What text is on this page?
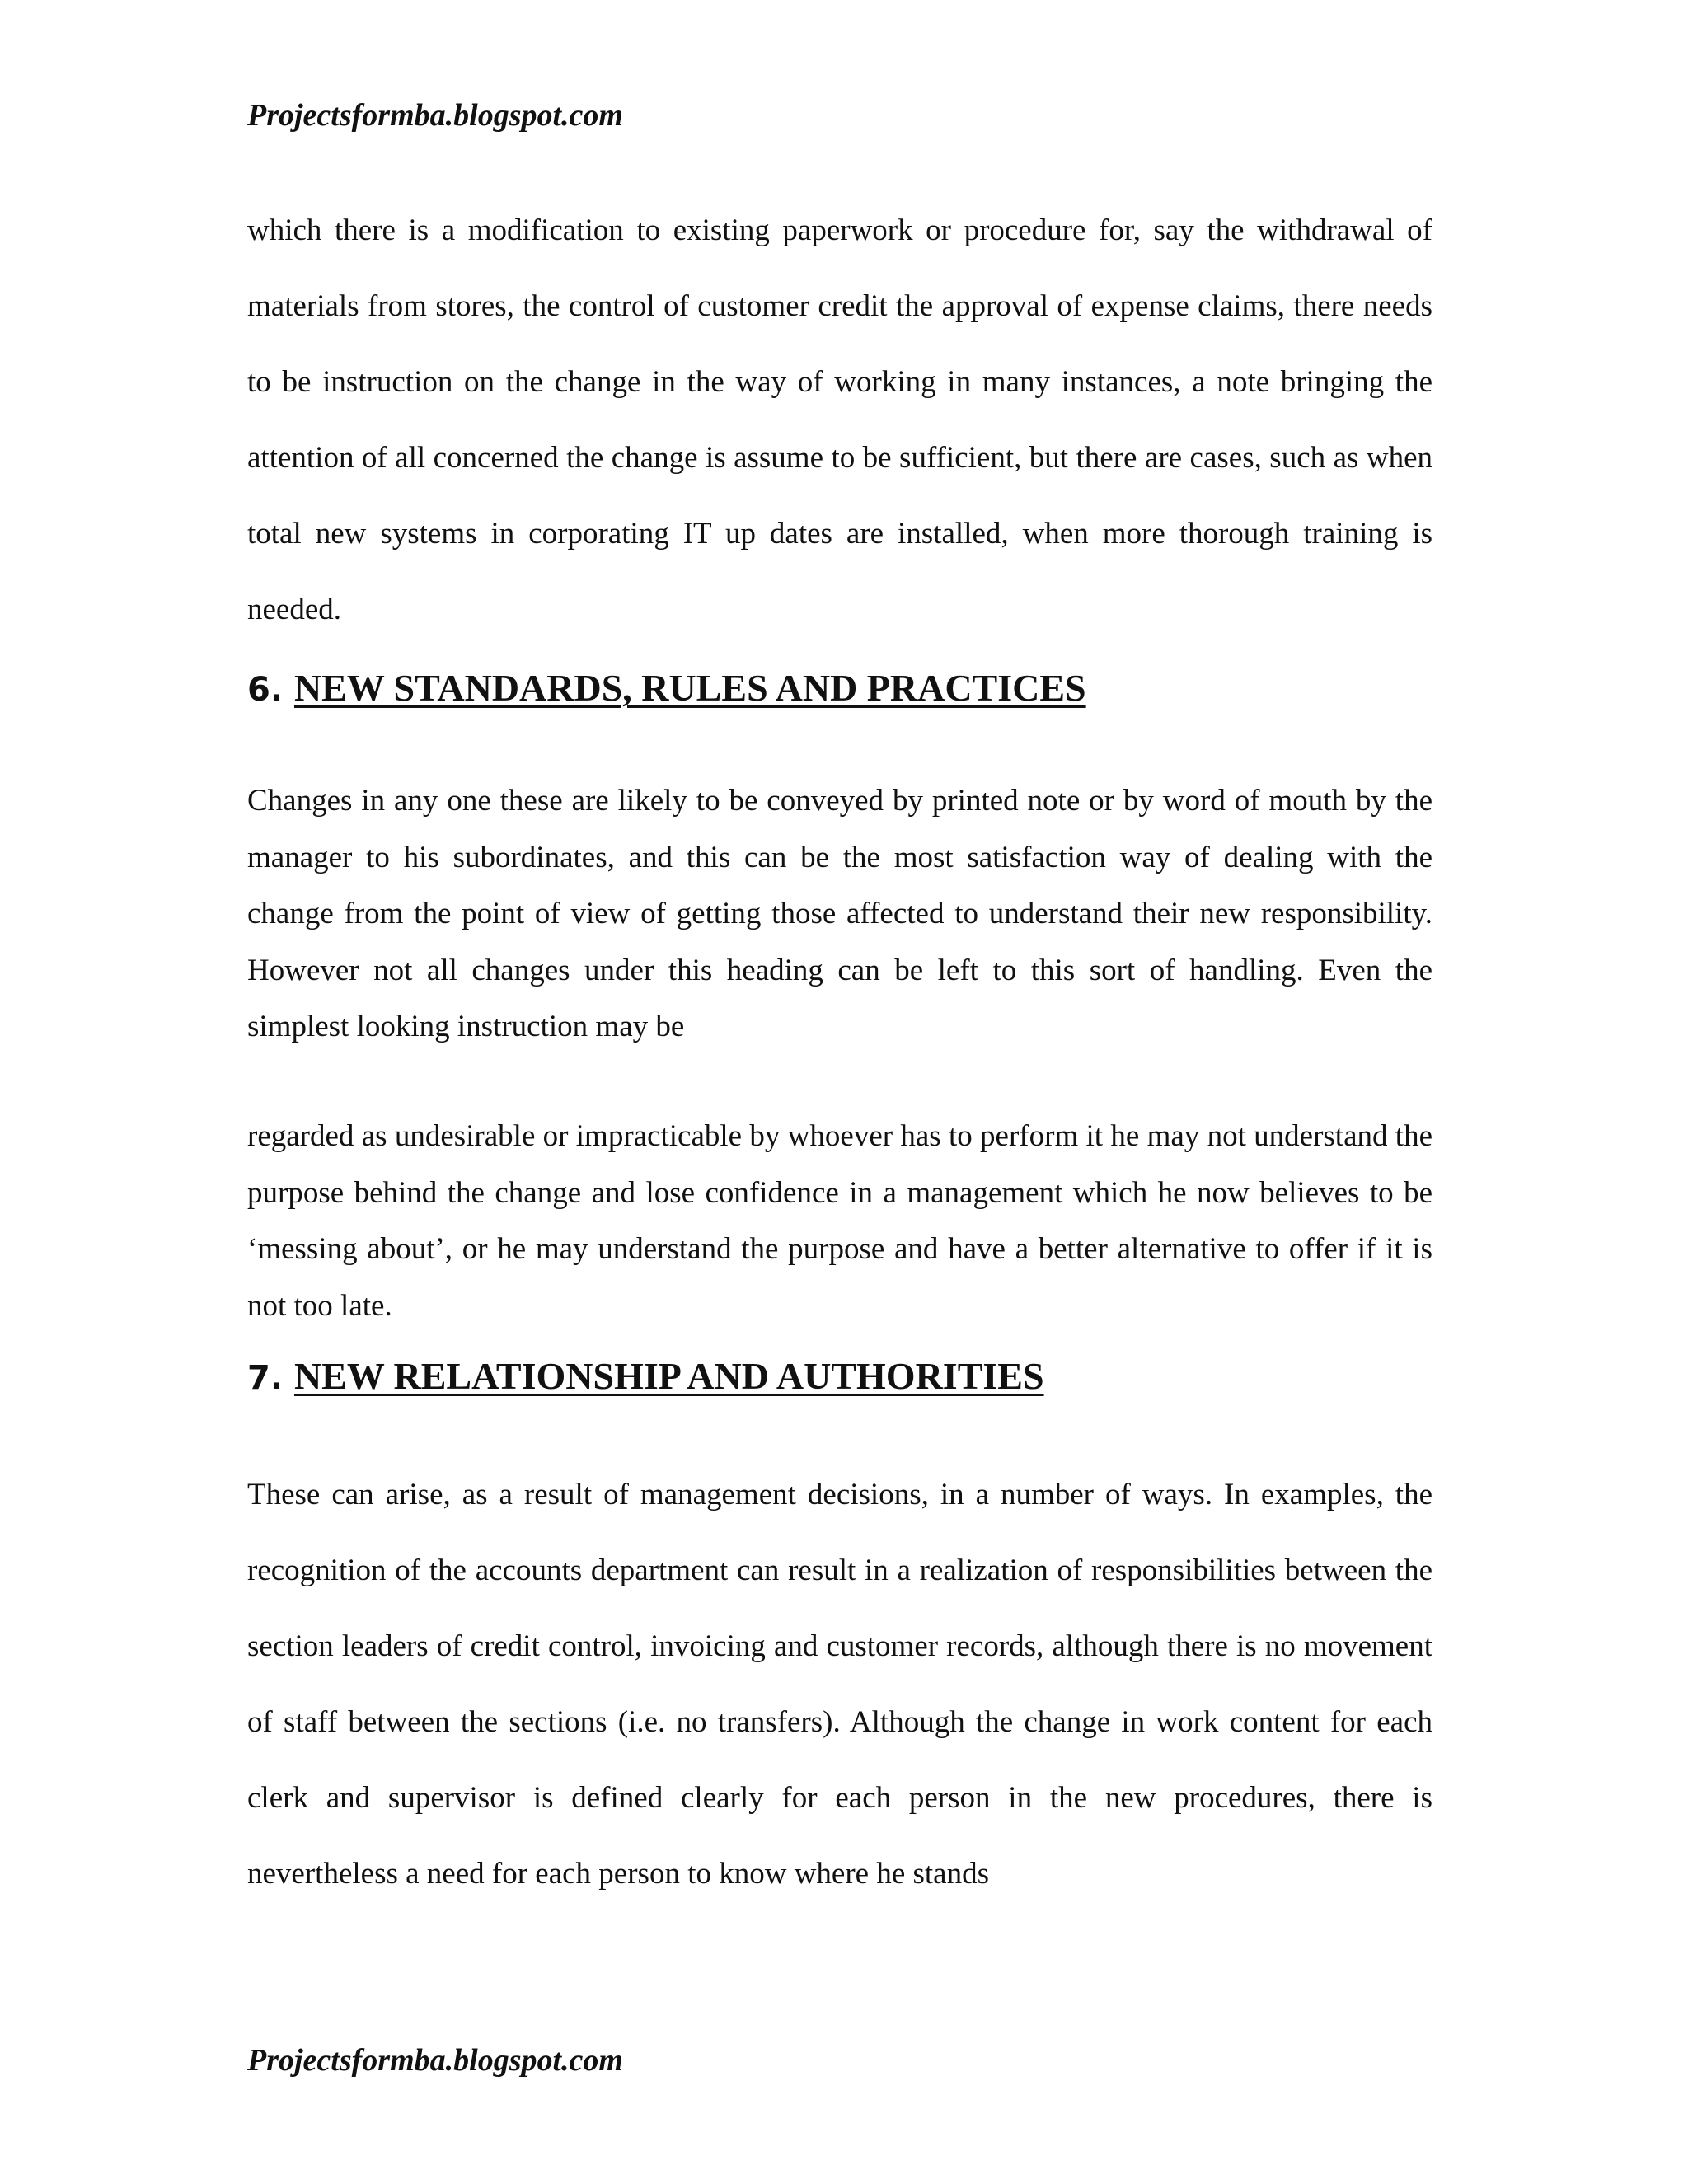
Projectsformba.blogspot.com

which there is a modification to existing paperwork or procedure for, say the withdrawal of materials from stores, the control of customer credit the approval of expense claims, there needs to be instruction on the change in the way of working in many instances, a note bringing the attention of all concerned the change is assume to be sufficient, but there are cases, such as when total new systems in corporating IT up dates are installed, when more thorough training is needed.

6. NEW STANDARDS, RULES AND PRACTICES

Changes in any one these are likely to be conveyed by printed note or by word of mouth by the manager to his subordinates, and this can be the most satisfaction way of dealing with the change from the point of view of getting those affected to understand their new responsibility. However not all changes under this heading can be left to this sort of handling. Even the simplest looking instruction may be

regarded as undesirable or impracticable by whoever has to perform it he may not understand the purpose behind the change and lose confidence in a management which he now believes to be ‘messing about’, or he may understand the purpose and have a better alternative to offer if it is not too late.

7. NEW RELATIONSHIP AND AUTHORITIES

These can arise, as a result of management decisions, in a number of ways. In examples, the recognition of the accounts department can result in a realization of responsibilities between the section leaders of credit control, invoicing and customer records, although there is no movement of staff between the sections (i.e. no transfers). Although the change in work content for each clerk and supervisor is defined clearly for each person in the new procedures, there is nevertheless a need for each person to know where he stands

Projectsformba.blogspot.com
